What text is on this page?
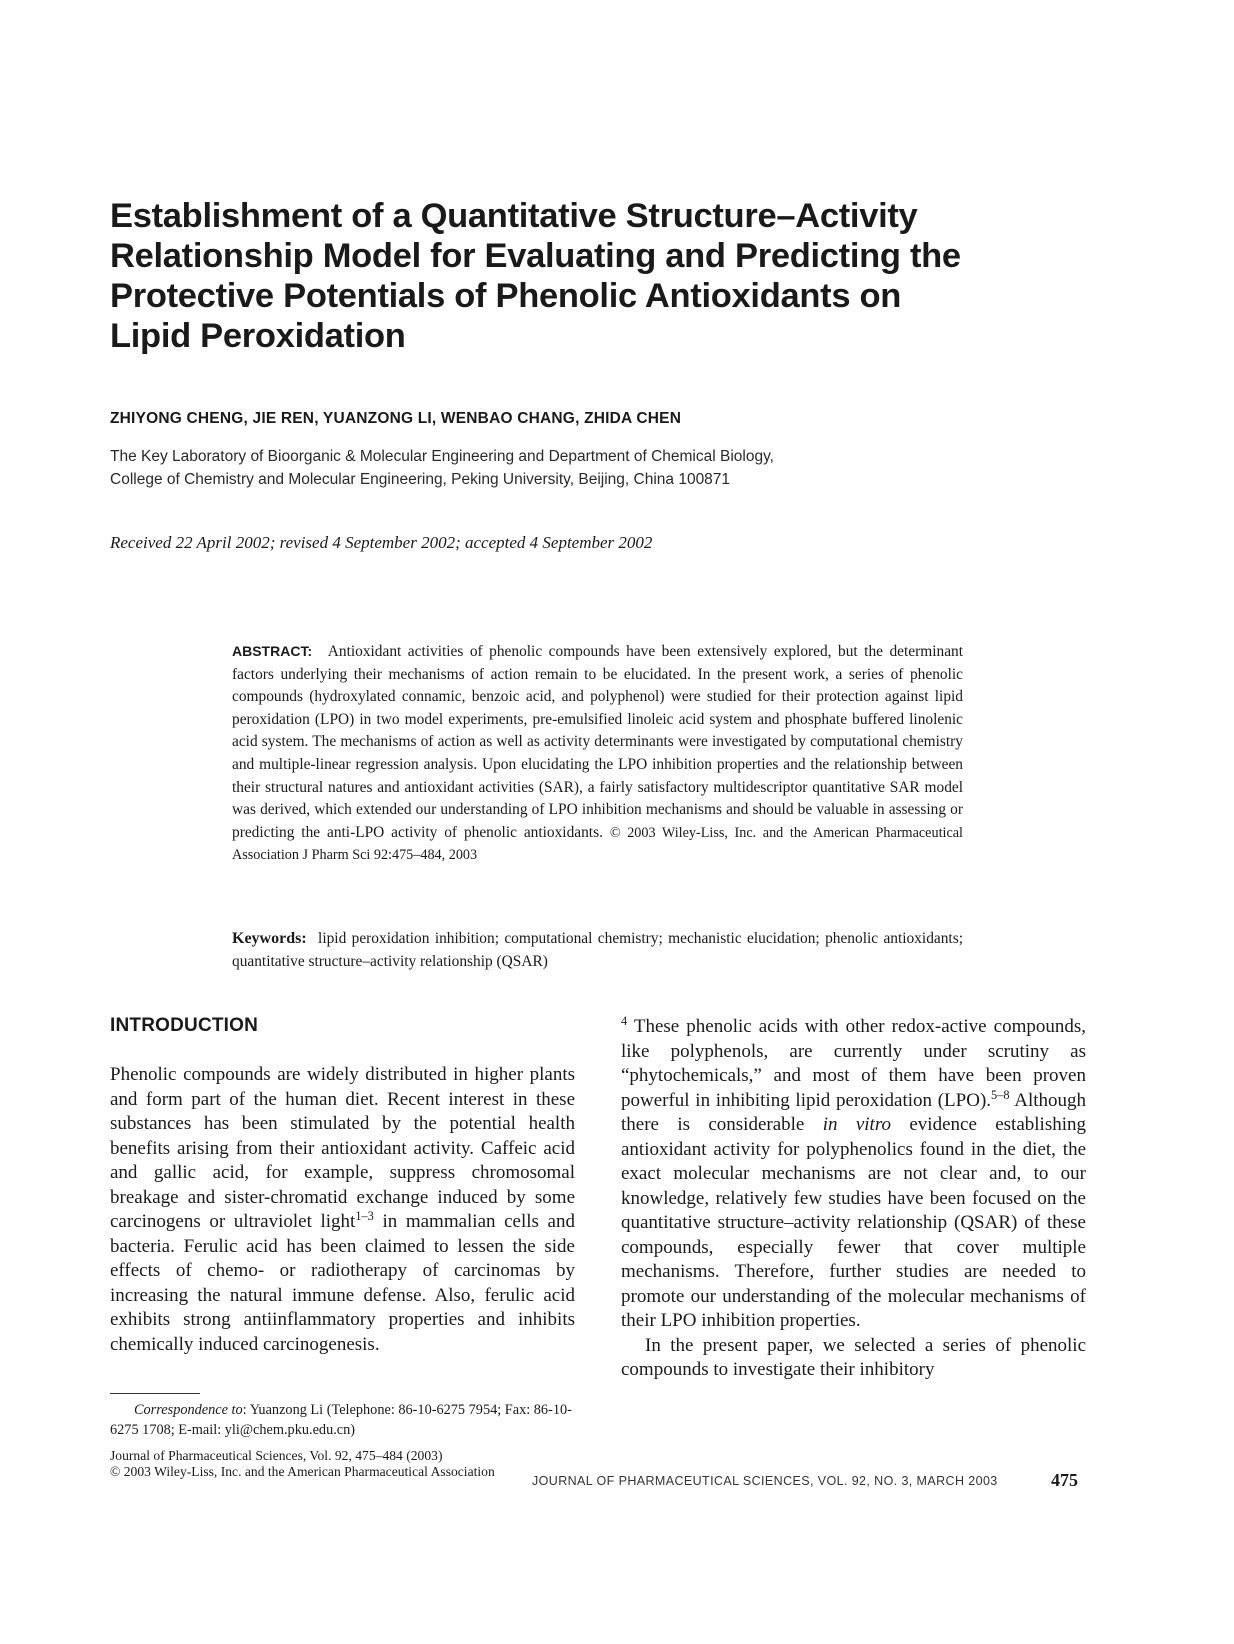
Establishment of a Quantitative Structure–Activity Relationship Model for Evaluating and Predicting the Protective Potentials of Phenolic Antioxidants on Lipid Peroxidation
ZHIYONG CHENG, JIE REN, YUANZONG LI, WENBAO CHANG, ZHIDA CHEN
The Key Laboratory of Bioorganic & Molecular Engineering and Department of Chemical Biology,
College of Chemistry and Molecular Engineering, Peking University, Beijing, China 100871
Received 22 April 2002; revised 4 September 2002; accepted 4 September 2002
ABSTRACT: Antioxidant activities of phenolic compounds have been extensively explored, but the determinant factors underlying their mechanisms of action remain to be elucidated. In the present work, a series of phenolic compounds (hydroxylated connamic, benzoic acid, and polyphenol) were studied for their protection against lipid peroxidation (LPO) in two model experiments, pre-emulsified linoleic acid system and phosphate buffered linolenic acid system. The mechanisms of action as well as activity determinants were investigated by computational chemistry and multiple-linear regression analysis. Upon elucidating the LPO inhibition properties and the relationship between their structural natures and antioxidant activities (SAR), a fairly satisfactory multidescriptor quantitative SAR model was derived, which extended our understanding of LPO inhibition mechanisms and should be valuable in assessing or predicting the anti-LPO activity of phenolic antioxidants. © 2003 Wiley-Liss, Inc. and the American Pharmaceutical Association J Pharm Sci 92:475–484, 2003
Keywords: lipid peroxidation inhibition; computational chemistry; mechanistic elucidation; phenolic antioxidants; quantitative structure–activity relationship (QSAR)
INTRODUCTION

Phenolic compounds are widely distributed in higher plants and form part of the human diet. Recent interest in these substances has been stimulated by the potential health benefits arising from their antioxidant activity. Caffeic acid and gallic acid, for example, suppress chromosomal breakage and sister-chromatid exchange induced by some carcinogens or ultraviolet light$^{1-3}$ in mammalian cells and bacteria. Ferulic acid has been claimed to lessen the side effects of chemo- or radiotherapy of carcinomas by increasing the natural immune defense. Also, ferulic acid exhibits strong antiinflammatory properties and inhibits chemically induced carcinogenesis.

$^4$ These phenolic acids with other redox-active compounds, like polyphenols, are currently under scrutiny as “phytochemicals,” and most of them have been proven powerful in inhibiting lipid peroxidation (LPO).$^{5-8}$ Although there is considerable in vitro evidence establishing antioxidant activity for polyphenolics found in the diet, the exact molecular mechanisms are not clear and, to our knowledge, relatively few studies have been focused on the quantitative structure–activity relationship (QSAR) of these compounds, especially fewer that cover multiple mechanisms. Therefore, further studies are needed to promote our understanding of the molecular mechanisms of their LPO inhibition properties.

In the present paper, we selected a series of phenolic compounds to investigate their inhibitory

Correspondence to: Yuanzong Li (Telephone: 86-10-6275 7954; Fax: 86-10-6275 1708; E-mail: yli@chem.pku.edu.cn)

Journal of Pharmaceutical Sciences, Vol. 92, 475–484 (2003)
© 2003 Wiley-Liss, Inc. and the American Pharmaceutical Association
JOURNAL OF PHARMACEUTICAL SCIENCES, VOL. 92, NO. 3, MARCH 2003	475
